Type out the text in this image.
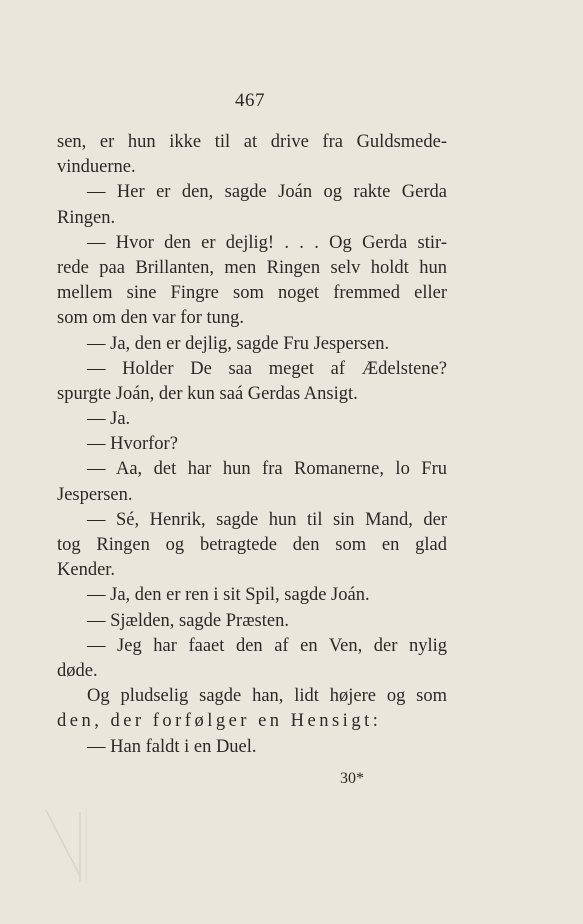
467
sen, er hun ikke til at drive fra Guldsmede-
vinduerne.
— Her er den, sagde Joán og rakte Gerda
Ringen.
— Hvor den er dejlig! . . . Og Gerda stir-
rede paa Brillanten, men Ringen selv holdt hun
mellem sine Fingre som noget fremmed eller
som om den var for tung.
— Ja, den er dejlig, sagde Fru Jespersen.
— Holder De saa meget af Ædelstene?
spurgte Joán, der kun saá Gerdas Ansigt.
— Ja.
— Hvorfor?
— Aa, det har hun fra Romanerne, lo Fru
Jespersen.
— Sé, Henrik, sagde hun til sin Mand, der
tog Ringen og betragtede den som en glad
Kender.
— Ja, den er ren i sit Spil, sagde Joán.
— Sjælden, sagde Præsten.
— Jeg har faaet den af en Ven, der nylig
døde.
Og pludselig sagde han, lidt højere og som
den, der forfølger en Hensigt:
— Han faldt i en Duel.
30*
